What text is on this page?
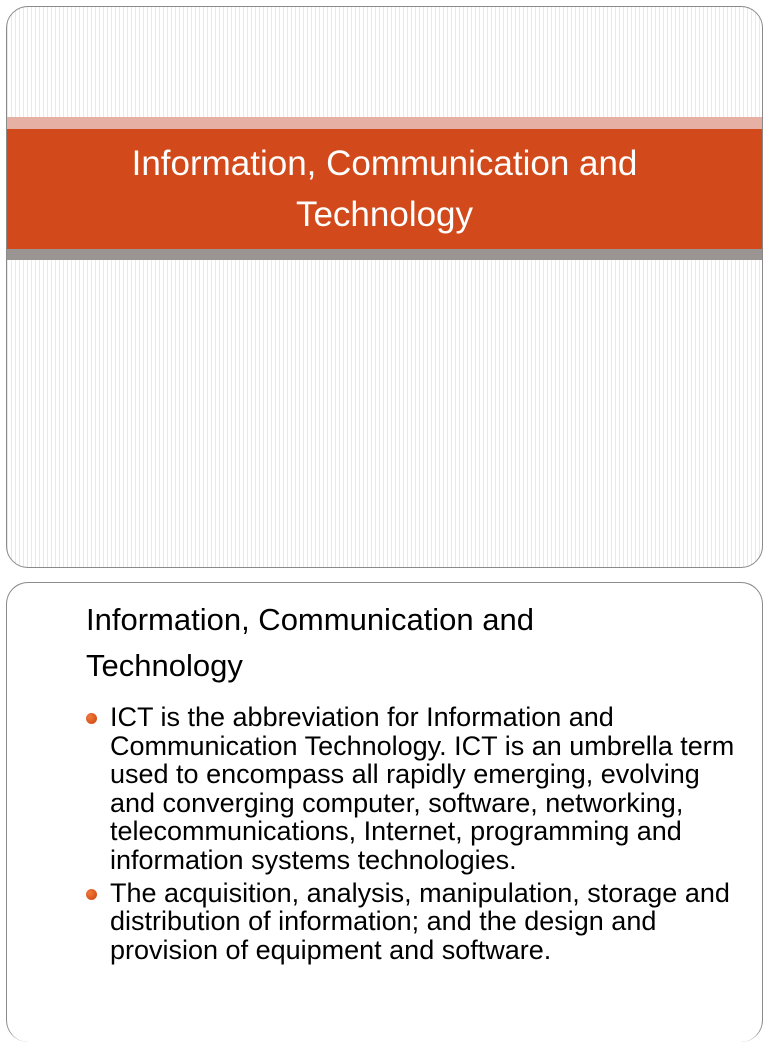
Information, Communication and Technology
Information, Communication and Technology
ICT is the abbreviation for Information and Communication Technology. ICT is an umbrella term used to encompass all rapidly emerging, evolving and converging computer, software, networking, telecommunications, Internet, programming and information systems technologies.
The acquisition, analysis, manipulation, storage and distribution of information; and the design and provision of equipment and software.
